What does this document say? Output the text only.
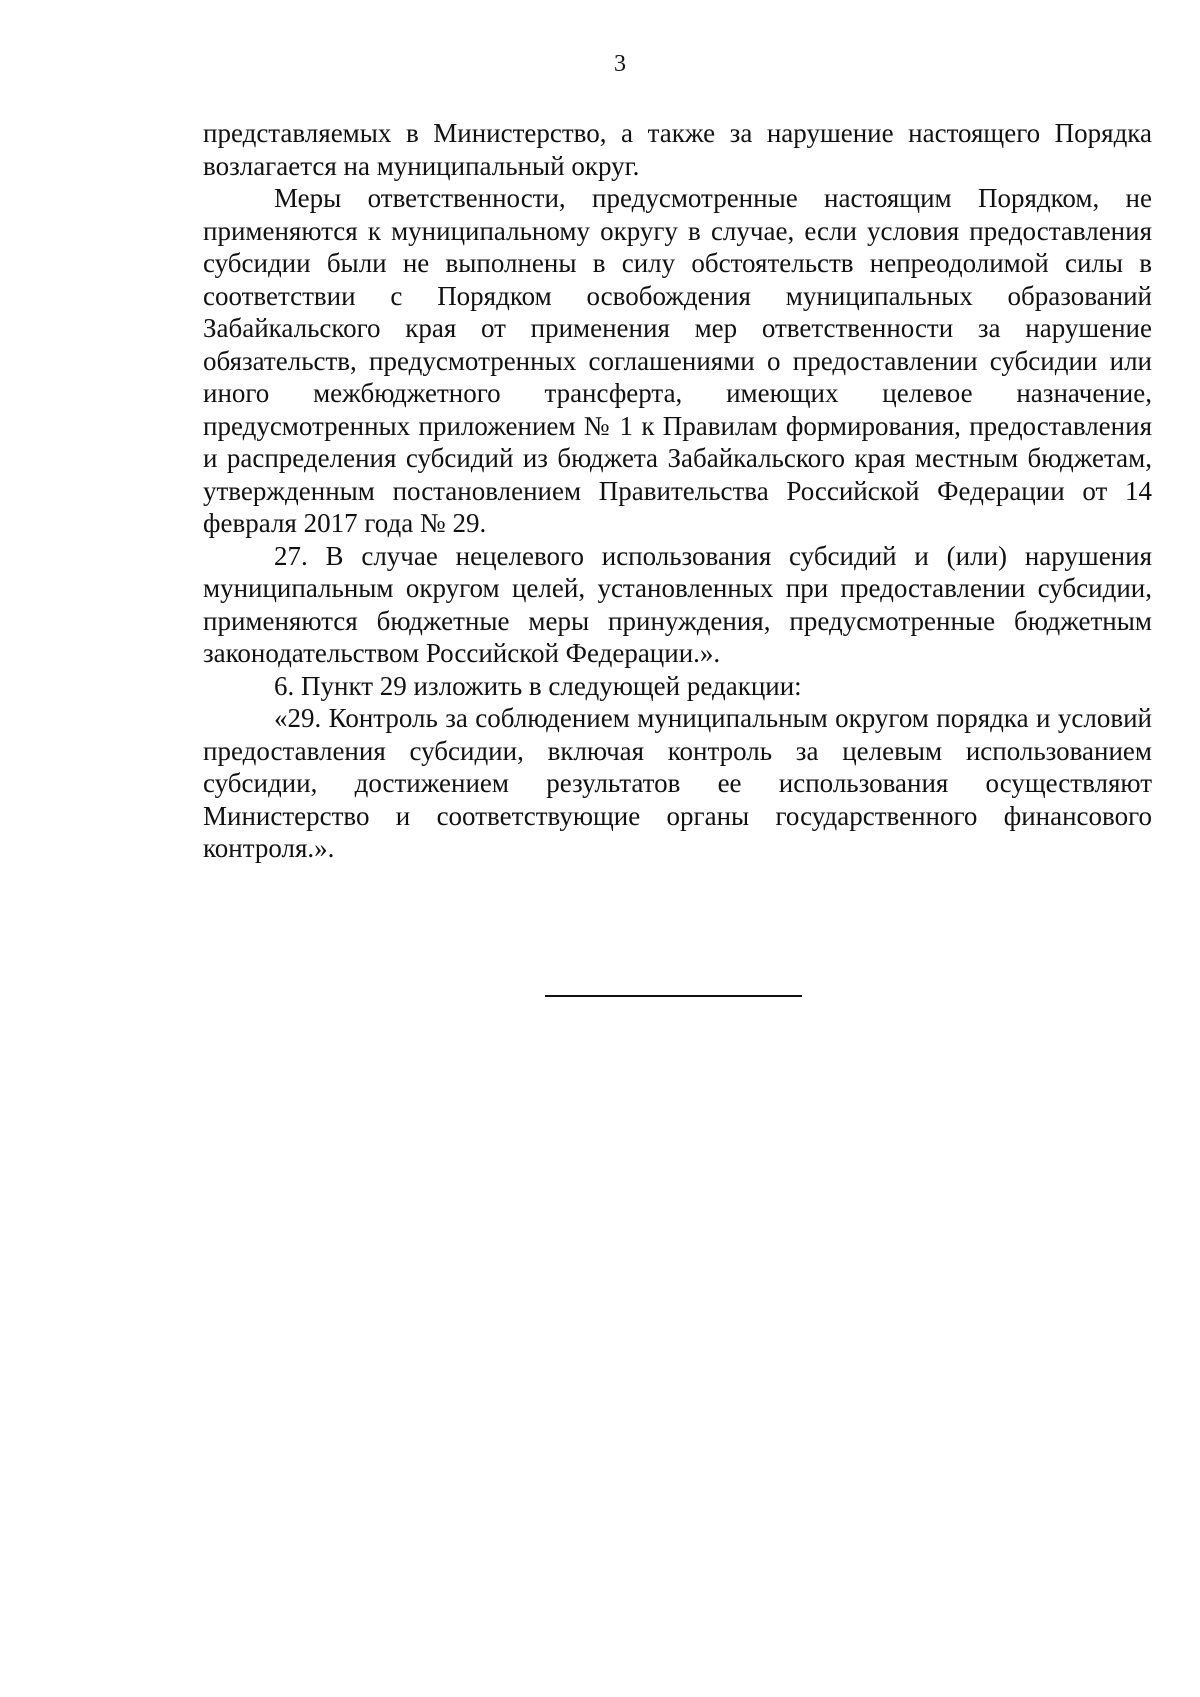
3

представляемых в Министерство, а также за нарушение настоящего Порядка возлагается на муниципальный округ.

Меры ответственности, предусмотренные настоящим Порядком, не применяются к муниципальному округу в случае, если условия предоставления субсидии были не выполнены в силу обстоятельств непреодолимой силы в соответствии с Порядком освобождения муниципальных образований Забайкальского края от применения мер ответственности за нарушение обязательств, предусмотренных соглашениями о предоставлении субсидии или иного межбюджетного трансферта, имеющих целевое назначение, предусмотренных приложением № 1 к Правилам формирования, предоставления и распределения субсидий из бюджета Забайкальского края местным бюджетам, утвержденным постановлением Правительства Российской Федерации от 14 февраля 2017 года № 29.

27. В случае нецелевого использования субсидий и (или) нарушения муниципальным округом целей, установленных при предоставлении субсидии, применяются бюджетные меры принуждения, предусмотренные бюджетным законодательством Российской Федерации.».

6. Пункт 29 изложить в следующей редакции:

«29. Контроль за соблюдением муниципальным округом порядка и условий предоставления субсидии, включая контроль за целевым использованием субсидии, достижением результатов ее использования осуществляют Министерство и соответствующие органы государственного финансового контроля.».
